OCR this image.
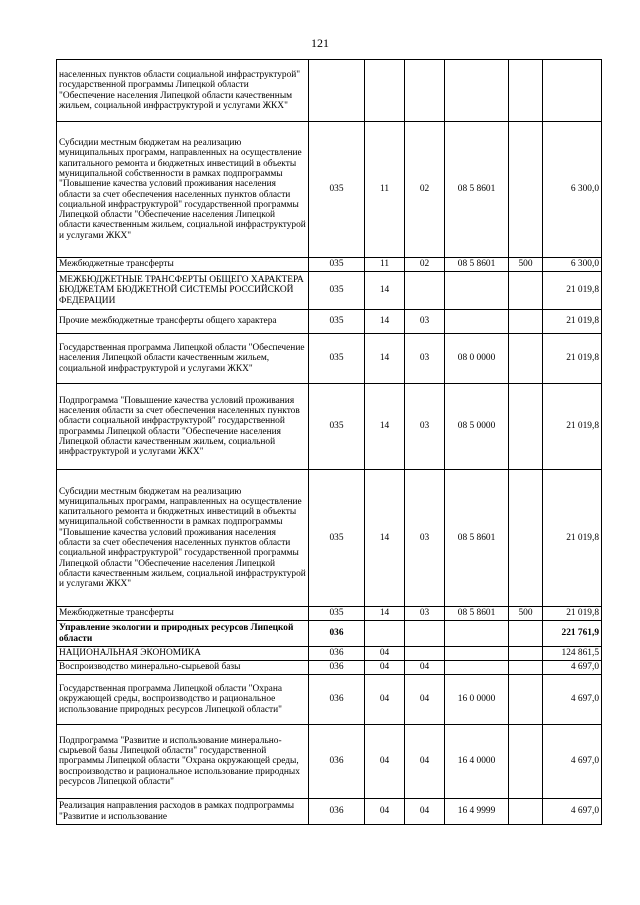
121
населенных пунктов области социальной инфраструктурой" государственной программы Липецкой области "Обеспечение населения Липецкой области качественным жильем, социальной инфраструктурой и услугами ЖКХ"						
Субсидии местным бюджетам на реализацию муниципальных программ, направленных на осуществление капитального ремонта и бюджетных инвестиций в объекты муниципальной собственности в рамках подпрограммы "Повышение качества условий проживания населения области за счет обеспечения населенных пунктов области социальной инфраструктурой" государственной программы Липецкой области "Обеспечение населения Липецкой области качественным жильем, социальной инфраструктурой и услугами ЖКХ"	035	11	02	08 5 8601		6 300,0
Межбюджетные трансферты	035	11	02	08 5 8601	500	6 300,0
МЕЖБЮДЖЕТНЫЕ ТРАНСФЕРТЫ ОБЩЕГО ХАРАКТЕРА БЮДЖЕТАМ БЮДЖЕТНОЙ СИСТЕМЫ РОССИЙСКОЙ ФЕДЕРАЦИИ	035	14				21 019,8
Прочие межбюджетные трансферты общего характера	035	14	03			21 019,8
Государственная программа Липецкой области "Обеспечение населения Липецкой области качественным жильем, социальной инфраструктурой и услугами ЖКХ"	035	14	03	08 0 0000		21 019,8
Подпрограмма "Повышение качества условий проживания населения области за счет обеспечения населенных пунктов области социальной инфраструктурой" государственной программы Липецкой области "Обеспечение населения Липецкой области качественным жильем, социальной инфраструктурой и услугами ЖКХ"	035	14	03	08 5 0000		21 019,8
Субсидии местным бюджетам на реализацию муниципальных программ, направленных на осуществление капитального ремонта и бюджетных инвестиций в объекты муниципальной собственности в рамках подпрограммы "Повышение качества условий проживания населения области за счет обеспечения населенных пунктов области социальной инфраструктурой" государственной программы Липецкой области "Обеспечение населения Липецкой области качественным жильем, социальной инфраструктурой и услугами ЖКХ"	035	14	03	08 5 8601		21 019,8
Межбюджетные трансферты	035	14	03	08 5 8601	500	21 019,8
Управление экологии и природных ресурсов Липецкой области	036					221 761,9
НАЦИОНАЛЬНАЯ ЭКОНОМИКА	036	04				124 861,5
Воспроизводство минерально-сырьевой базы	036	04	04			4 697,0
Государственная программа Липецкой области "Охрана окружающей среды, воспроизводство и рациональное использование природных ресурсов Липецкой области"	036	04	04	16 0 0000		4 697,0
Подпрограмма "Развитие и использование минерально-сырьевой базы Липецкой области" государственной программы Липецкой области "Охрана окружающей среды, воспроизводство и рациональное использование природных ресурсов Липецкой области"	036	04	04	16 4 0000		4 697,0
Реализация направления расходов в рамках подпрограммы "Развитие и использование	036	04	04	16 4 9999		4 697,0
